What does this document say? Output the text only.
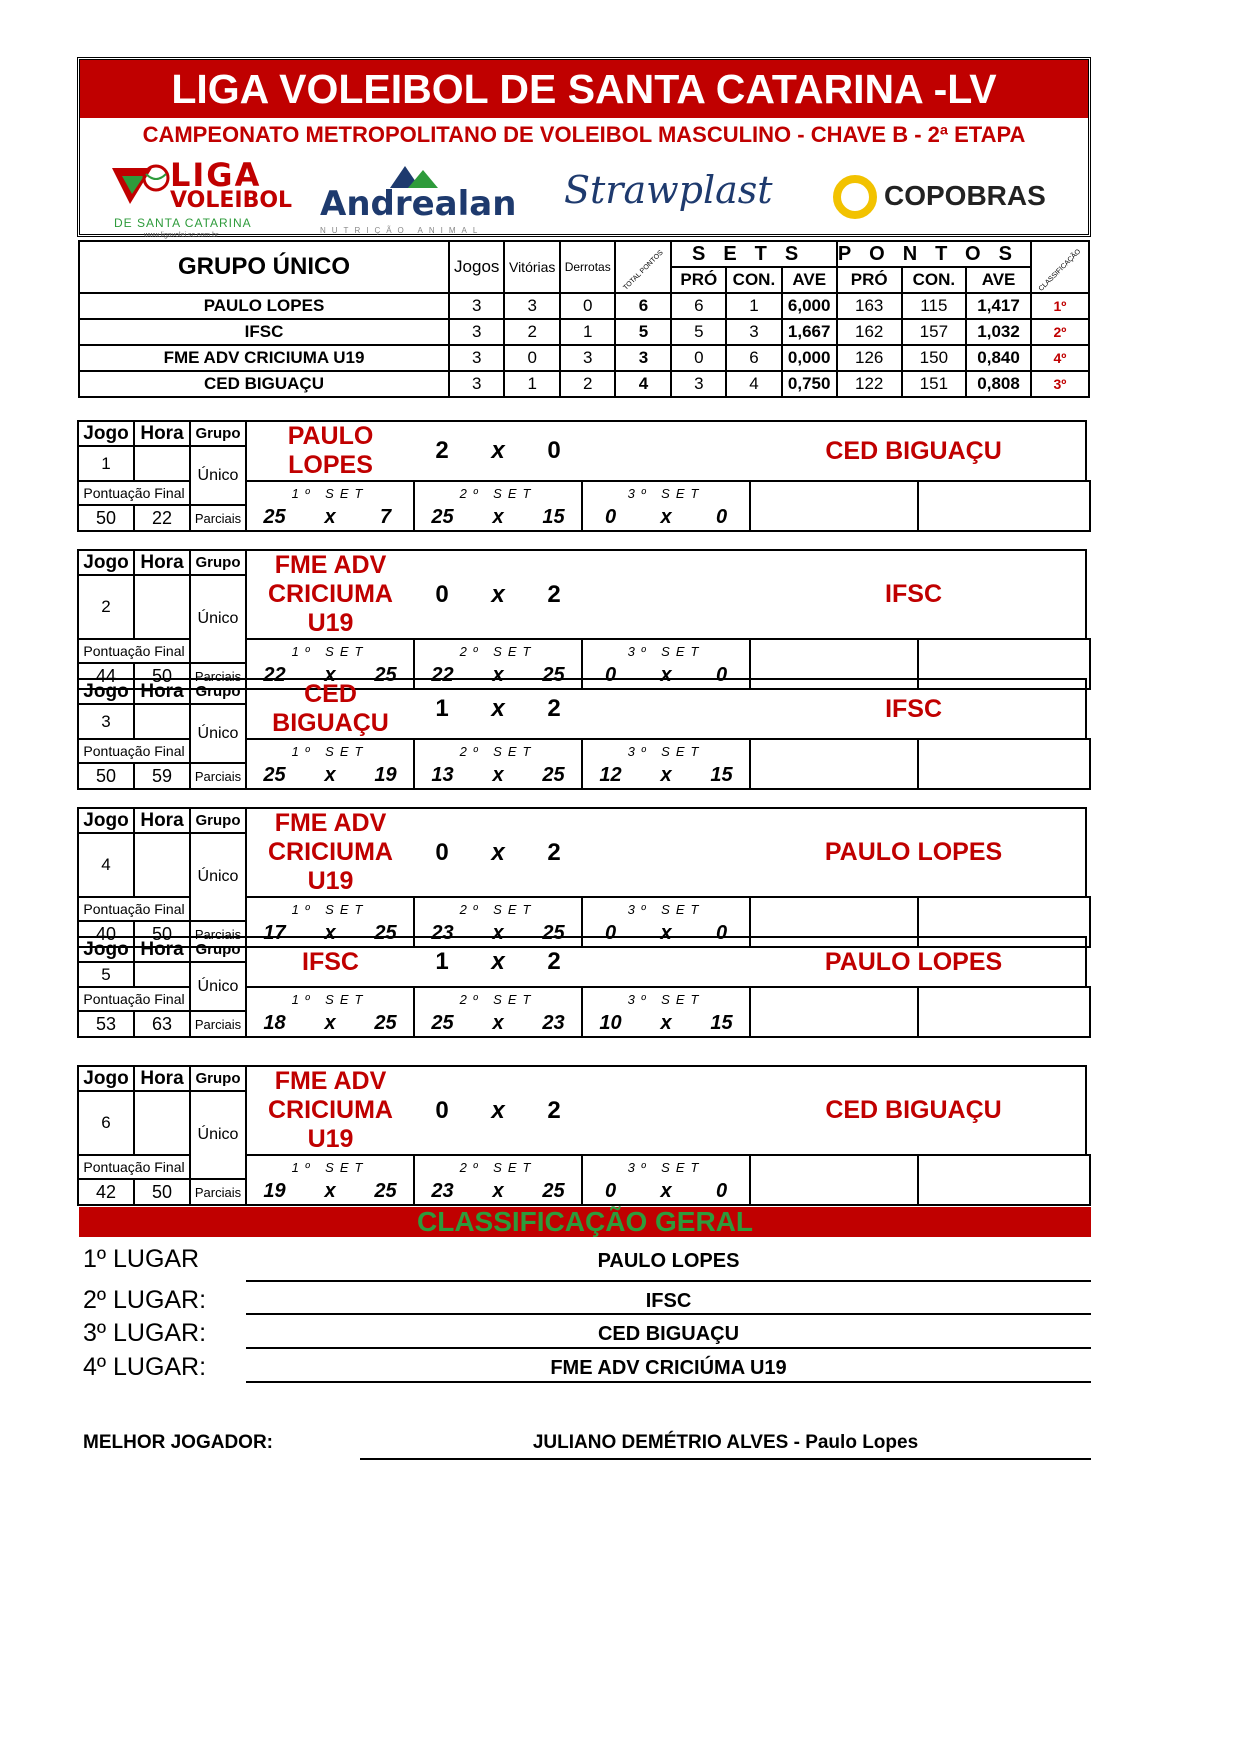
LIGA VOLEIBOL DE SANTA CATARINA -LV
CAMPEONATO METROPOLITANO DE VOLEIBOL MASCULINO - CHAVE B - 2ª ETAPA
LIGA
VOLEIBOL
DE SANTA CATARINA
www.ligavolei.sc.com.br
Andrealan
NUTRIÇÃO ANIMAL
Strawplast	COPOBRAS
GRUPO ÚNICO	Jogos	Vitórias	Derrotas	TOTAL PONTOS	SETS			PONTOS			CLASSIFICAÇÃO
					PRÓ	CON.	AVE	PRÓ	CON.	AVE	
PAULO LOPES	3	3	0	6	6	1	6,000	163	115	1,417	1º
IFSC	3	2	1	5	5	3	1,667	162	157	1,032	2º
FME ADV CRICIUMA U19	3	0	3	3	0	6	0,000	126	150	0,840	4º
CED BIGUAÇU	3	1	2	4	3	4	0,750	122	151	0,808	3º
Jogo	Hora	Grupo	PAULO LOPES			2 x 0			CED BIGUAÇU				
1		Único											
Pontuação Final			1º SET			2º SET			3º SET				
50	22	Parciais	25	x	7	25	x	15	0	x	0		
Jogo	Hora	Grupo	FME ADV CRICIUMA U19			0 x 2			IFSC				
2		Único											
Pontuação Final			1º SET			2º SET			3º SET				
44	50	Parciais	22	x	25	22	x	25	0	x	0		
Jogo	Hora	Grupo	CED BIGUAÇU			1 x 2			IFSC				
3		Único											
Pontuação Final			1º SET			2º SET			3º SET				
50	59	Parciais	25	x	19	13	x	25	12	x	15		
Jogo	Hora	Grupo	FME ADV CRICIUMA U19			0 x 2			PAULO LOPES				
4		Único											
Pontuação Final			1º SET			2º SET			3º SET				
40	50	Parciais	17	x	25	23	x	25	0	x	0		
Jogo	Hora	Grupo	IFSC			1 x 2			PAULO LOPES				
5		Único											
Pontuação Final			1º SET			2º SET			3º SET				
53	63	Parciais	18	x	25	25	x	23	10	x	15		
Jogo	Hora	Grupo	FME ADV CRICIUMA U19			0 x 2			CED BIGUAÇU				
6		Único											
Pontuação Final			1º SET			2º SET			3º SET				
42	50	Parciais	19	x	25	23	x	25	0	x	0		
CLASSIFICAÇÃO GERAL
1º LUGAR	PAULO LOPES
2º LUGAR:	IFSC
3º LUGAR:	CED BIGUAÇU
4º LUGAR:	FME ADV CRICIÚMA U19
MELHOR JOGADOR:	JULIANO DEMÉTRIO ALVES - Paulo Lopes
